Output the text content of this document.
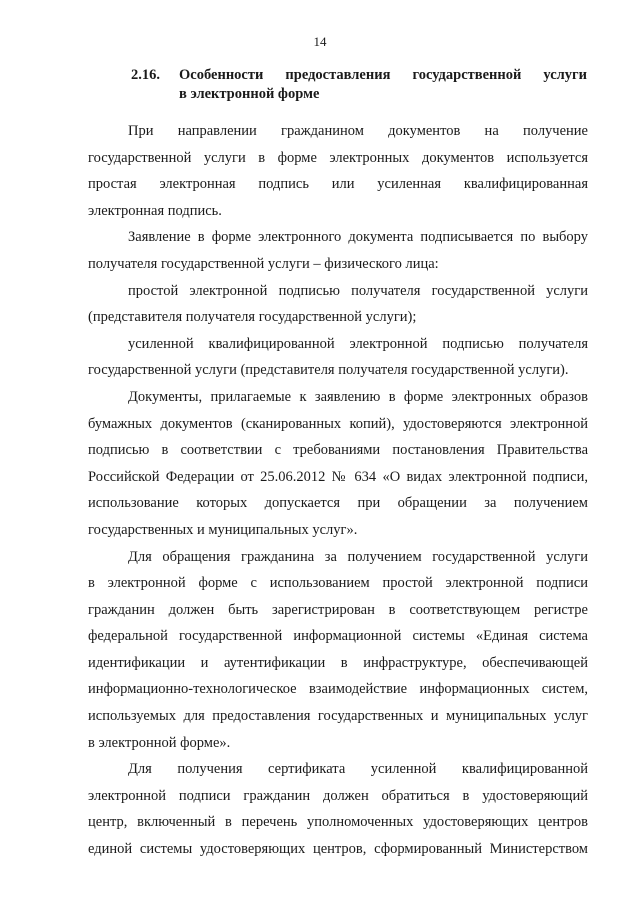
14
2.16. Особенности предоставления государственной услуги
в электронной форме
При направлении гражданином документов на получение
государственной услуги в форме электронных документов используется
простая электронная подпись или усиленная квалифицированная
электронная подпись.
Заявление в форме электронного документа подписывается по выбору
получателя государственной услуги – физического лица:
простой электронной подписью получателя государственной услуги
(представителя получателя государственной услуги);
усиленной квалифицированной электронной подписью получателя
государственной услуги (представителя получателя государственной услуги).
Документы, прилагаемые к заявлению в форме электронных образов
бумажных документов (сканированных копий), удостоверяются электронной
подписью в соответствии с требованиями постановления Правительства
Российской Федерации от 25.06.2012 № 634 «О видах электронной подписи,
использование которых допускается при обращении за получением
государственных и муниципальных услуг».
Для обращения гражданина за получением государственной услуги
в электронной форме с использованием простой электронной подписи
гражданин должен быть зарегистрирован в соответствующем регистре
федеральной государственной информационной системы «Единая система
идентификации и аутентификации в инфраструктуре, обеспечивающей
информационно-технологическое взаимодействие информационных систем,
используемых для предоставления государственных и муниципальных услуг
в электронной форме».
Для получения сертификата усиленной квалифицированной
электронной подписи гражданин должен обратиться в удостоверяющий
центр, включенный в перечень уполномоченных удостоверяющих центров
единой системы удостоверяющих центров, сформированный Министерством
